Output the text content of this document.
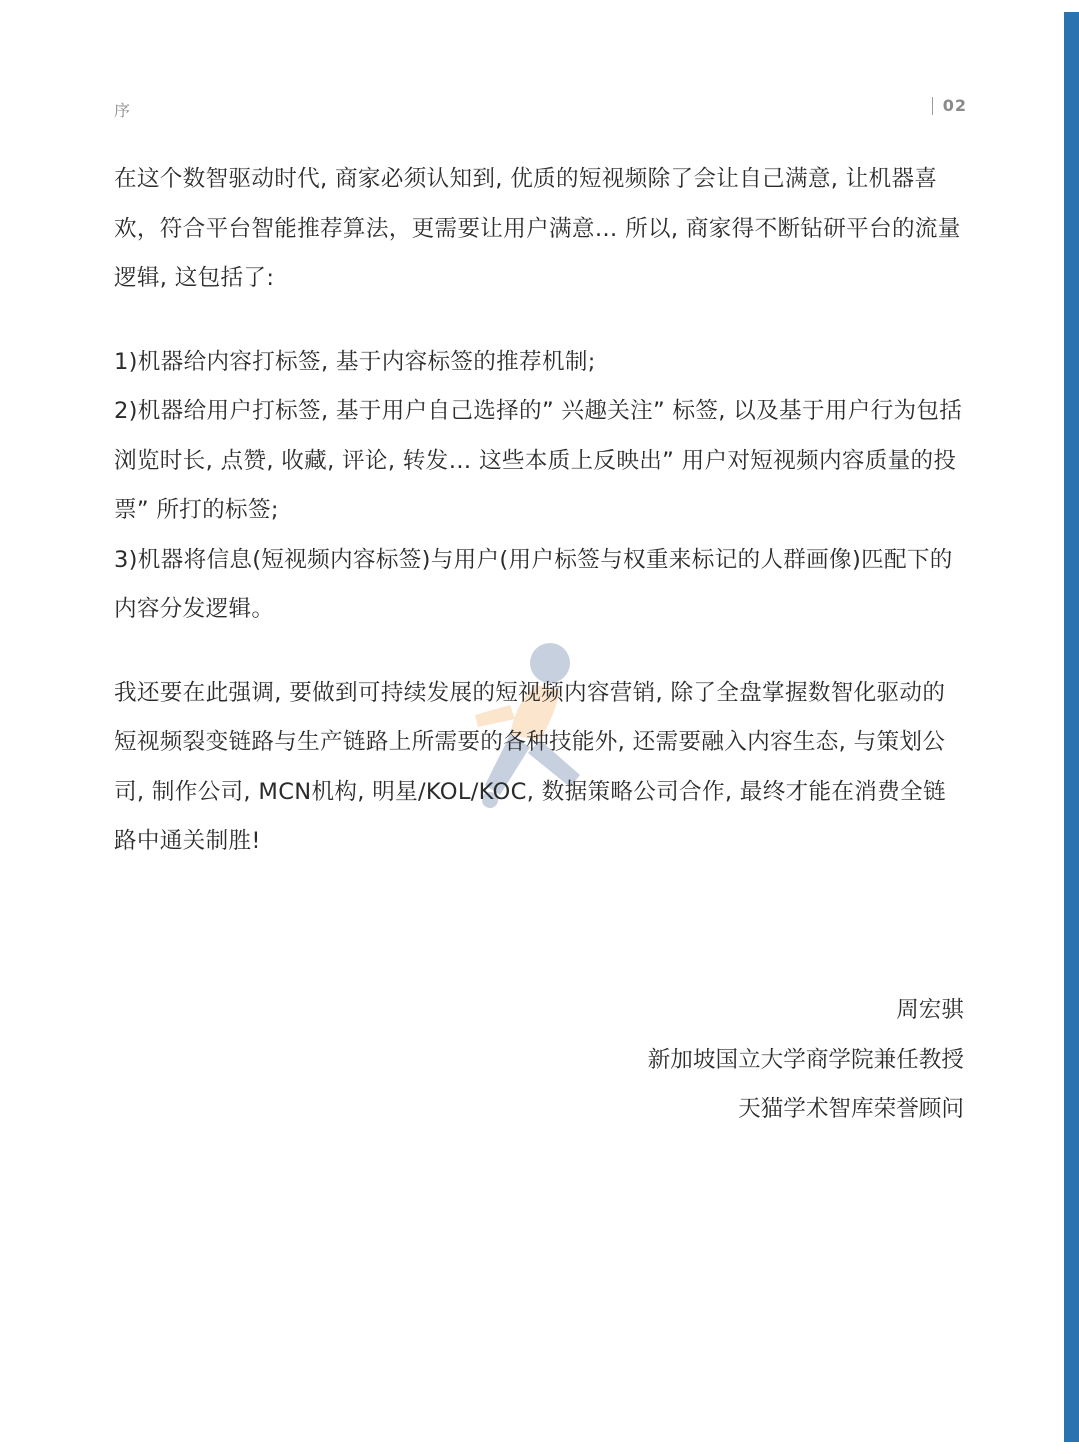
序	02

在这个数智驱动时代, 商家必须认知到, 优质的短视频除了会让自己满意, 让机器喜欢，符合平台智能推荐算法，更需要让用户满意… 所以, 商家得不断钻研平台的流量逻辑, 这包括了:

1)机器给内容打标签, 基于内容标签的推荐机制;

2)机器给用户打标签, 基于用户自己选择的” 兴趣关注” 标签, 以及基于用户行为包括浏览时长, 点赞, 收藏, 评论, 转发… 这些本质上反映出” 用户对短视频内容质量的投票” 所打的标签;

3)机器将信息(短视频内容标签)与用户(用户标签与权重来标记的人群画像)匹配下的内容分发逻辑。

我还要在此强调, 要做到可持续发展的短视频内容营销, 除了全盘掌握数智化驱动的短视频裂变链路与生产链路上所需要的各种技能外, 还需要融入内容生态, 与策划公司, 制作公司, MCN机构, 明星/KOL/KOC, 数据策略公司合作, 最终才能在消费全链路中通关制胜!

周宏骐
新加坡国立大学商学院兼任教授
天猫学术智库荣誉顾问
